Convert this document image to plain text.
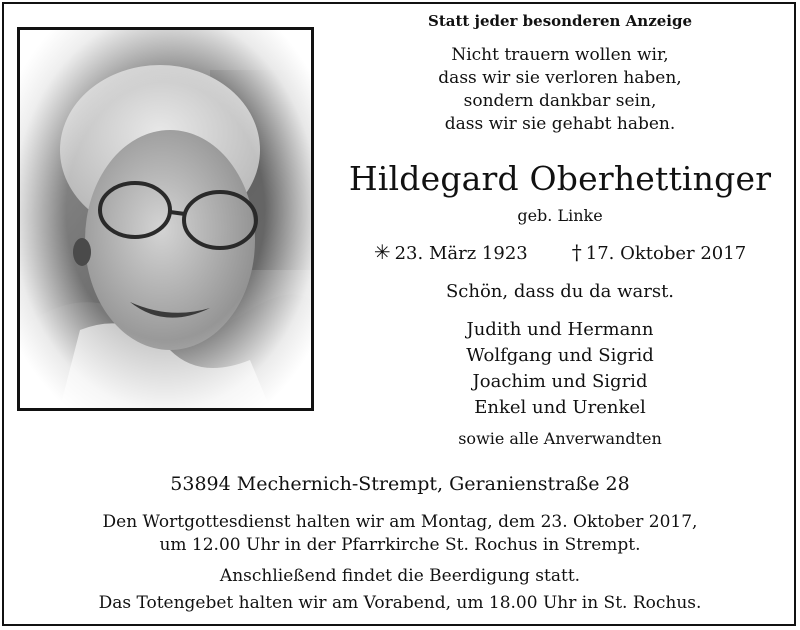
Statt jeder besonderen Anzeige
Nicht trauern wollen wir,
dass wir sie verloren haben,
sondern dankbar sein,
dass wir sie gehabt haben.
Hildegard Oberhettinger
geb. Linke
✳ 23. März 1923 † 17. Oktober 2017
Schön, dass du da warst.
Judith und Hermann
Wolfgang und Sigrid
Joachim und Sigrid
Enkel und Urenkel
sowie alle Anverwandten
53894 Mechernich-Strempt, Geranienstraße 28
Den Wortgottesdienst halten wir am Montag, dem 23. Oktober 2017,
um 12.00 Uhr in der Pfarrkirche St. Rochus in Strempt.
Anschließend findet die Beerdigung statt.
Das Totengebet halten wir am Vorabend, um 18.00 Uhr in St. Rochus.
